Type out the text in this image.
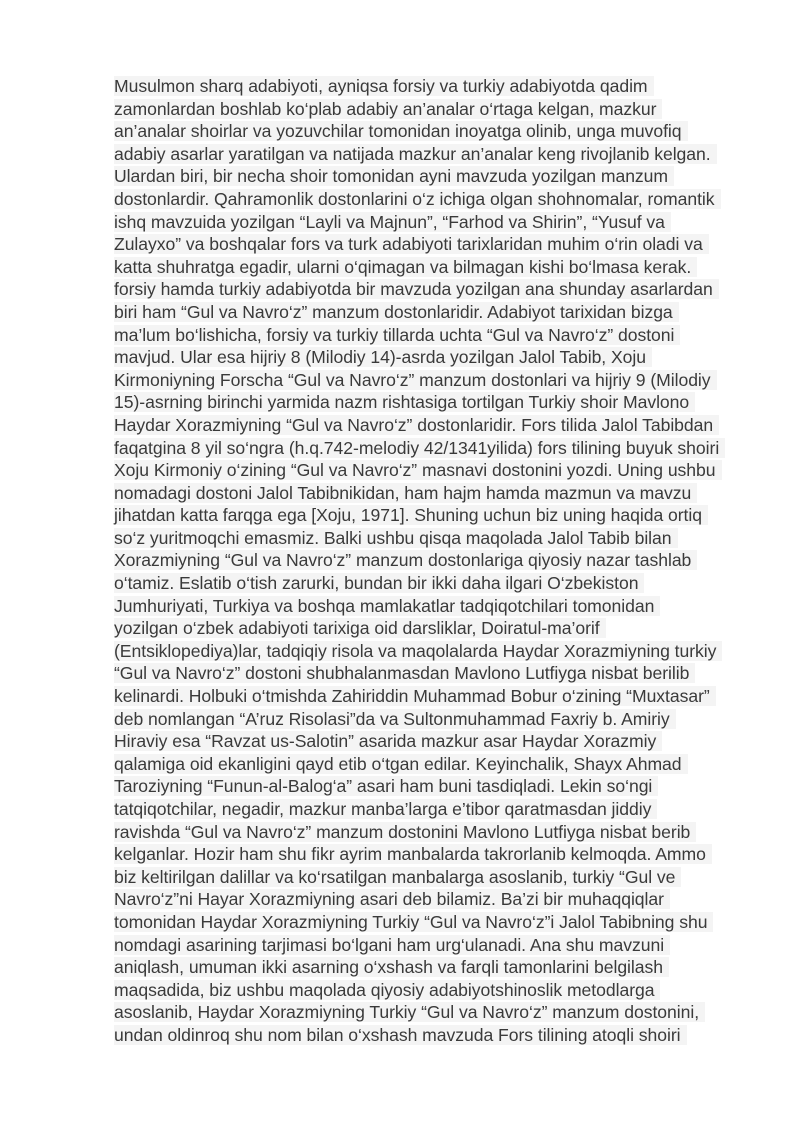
Musulmon sharq adabiyoti, ayniqsa forsiy va turkiy adabiyotda qadim
zamonlardan boshlab ko‘plab adabiy an’analar o‘rtaga kelgan, mazkur
an’analar shoirlar va yozuvchilar tomonidan inoyatga olinib, unga muvofiq
adabiy asarlar yaratilgan va natijada mazkur an’analar keng rivojlanib kelgan.
Ulardan biri, bir necha shoir tomonidan ayni mavzuda yozilgan manzum
dostonlardir. Qahramonlik dostonlarini o‘z ichiga olgan shohnomalar, romantik
ishq mavzuida yozilgan “Layli va Majnun”, “Farhod va Shirin”, “Yusuf va
Zulayxo” va boshqalar fors va turk adabiyoti tarixlaridan muhim o‘rin oladi va
katta shuhratga egadir, ularni o‘qimagan va bilmagan kishi bo‘lmasa kerak.
forsiy hamda turkiy adabiyotda bir mavzuda yozilgan ana shunday asarlardan
biri ham “Gul va Navro‘z” manzum dostonlaridir. Adabiyot tarixidan bizga
ma’lum bo‘lishicha, forsiy va turkiy tillarda uchta “Gul va Navro‘z” dostoni
mavjud. Ular esa hijriy 8 (Milodiy 14)-asrda yozilgan Jalol Tabib, Xoju
Kirmoniyning Forscha “Gul va Navro‘z” manzum dostonlari va hijriy 9 (Milodiy
15)-asrning birinchi yarmida nazm rishtasiga tortilgan Turkiy shoir Mavlono
Haydar Xorazmiyning “Gul va Navro‘z” dostonlaridir. Fors tilida Jalol Tabibdan
faqatgina 8 yil so‘ngra (h.q.742-melodiy 42/1341yilida) fors tilining buyuk shoiri
Xoju Kirmoniy o‘zining “Gul va Navro‘z” masnavi dostonini yozdi. Uning ushbu
nomadagi dostoni Jalol Tabibnikidan, ham hajm hamda mazmun va mavzu
jihatdan katta farqga ega [Xoju, 1971]. Shuning uchun biz uning haqida ortiq
so‘z yuritmoqchi emasmiz. Balki ushbu qisqa maqolada Jalol Tabib bilan
Xorazmiyning “Gul va Navro‘z” manzum dostonlariga qiyosiy nazar tashlab
o‘tamiz. Eslatib o‘tish zarurki, bundan bir ikki daha ilgari O‘zbekiston
Jumhuriyati, Turkiya va boshqa mamlakatlar tadqiqotchilari tomonidan
yozilgan o‘zbek adabiyoti tarixiga oid darsliklar, Doiratul-ma’orif
(Entsiklopediya)lar, tadqiqiy risola va maqolalarda Haydar Xorazmiyning turkiy
“Gul va Navro‘z” dostoni shubhalanmasdan Mavlono Lutfiyga nisbat berilib
kelinardi. Holbuki o‘tmishda Zahiriddin Muhammad Bobur o‘zining “Muxtasar”
deb nomlangan “A’ruz Risolasi”da va Sultonmuhammad Faxriy b. Amiriy
Hiraviy esa “Ravzat us-Salotin” asarida mazkur asar Haydar Xorazmiy
qalamiga oid ekanligini qayd etib o‘tgan edilar. Keyinchalik, Shayx Ahmad
Taroziyning “Funun-al-Balog‘a” asari ham buni tasdiqladi. Lekin so‘ngi
tatqiqotchilar, negadir, mazkur manba’larga e’tibor qaratmasdan jiddiy
ravishda “Gul va Navro‘z” manzum dostonini Mavlono Lutfiyga nisbat berib
kelganlar. Hozir ham shu fikr ayrim manbalarda takrorlanib kelmoqda. Ammo
biz keltirilgan dalillar va ko‘rsatilgan manbalarga asoslanib, turkiy “Gul ve
Navro‘z”ni Hayar Xorazmiyning asari deb bilamiz. Ba’zi bir muhaqqiqlar
tomonidan Haydar Xorazmiyning Turkiy “Gul va Navro‘z”i Jalol Tabibning shu
nomdagi asarining tarjimasi bo‘lgani ham urg‘ulanadi. Ana shu mavzuni
aniqlash, umuman ikki asarning o‘xshash va farqli tamonlarini belgilash
maqsadida, biz ushbu maqolada qiyosiy adabiyotshinoslik metodlarga
asoslanib, Haydar Xorazmiyning Turkiy “Gul va Navro‘z” manzum dostonini,
undan oldinroq shu nom bilan o‘xshash mavzuda Fors tilining atoqli shoiri
